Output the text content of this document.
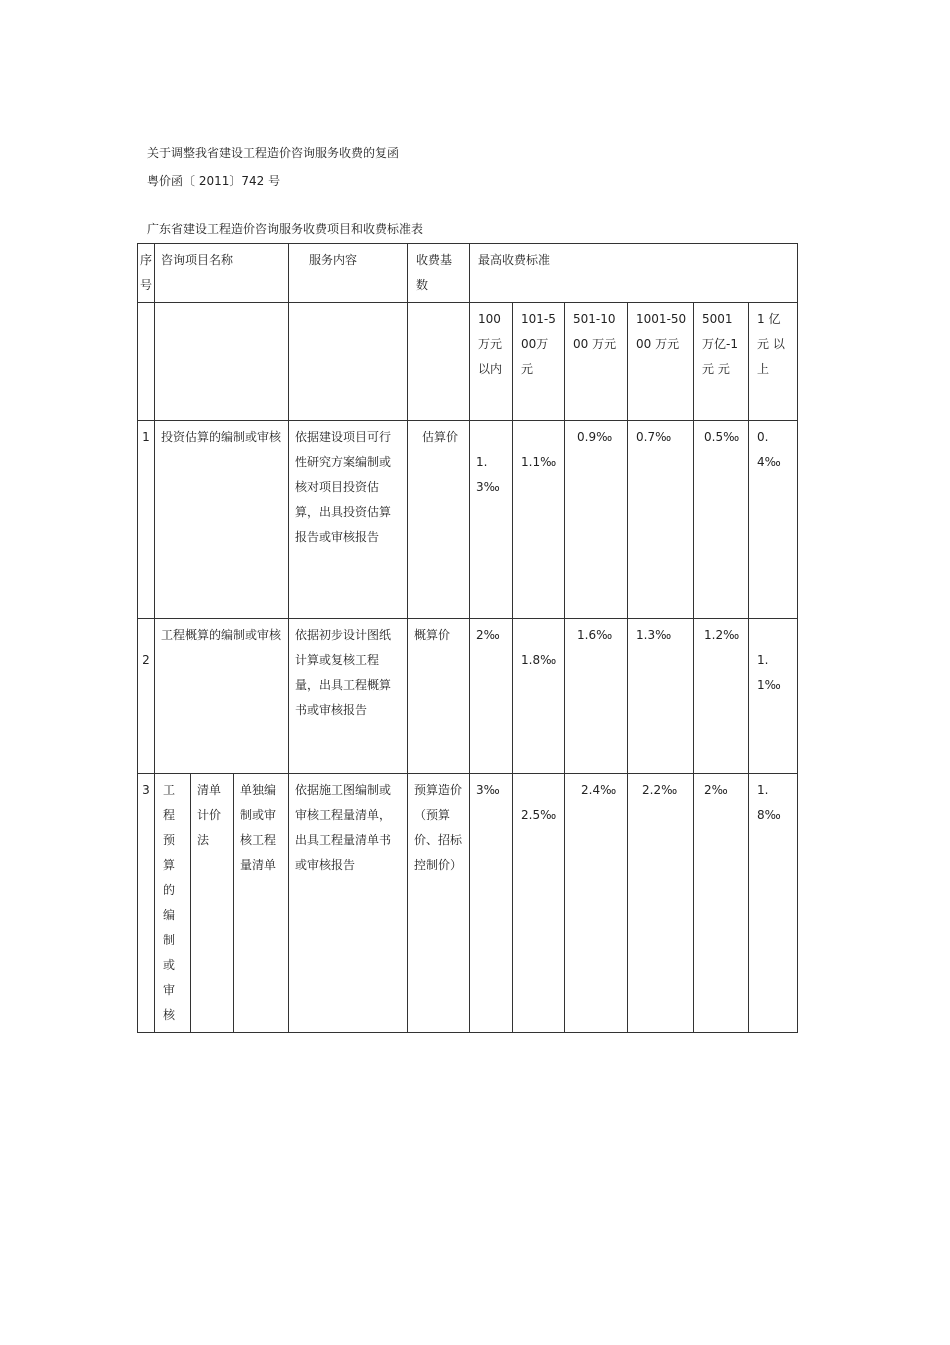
关于调整我省建设工程造价咨询服务收费的复函
粤价函〔 2011〕742 号
广东省建设工程造价咨询服务收费项目和收费标准表
序号	咨询项目名称			服务内容	收费基数	最高收费标准					
						100万元以内	101-500万元	501-1000 万元	1001-5000 万元	5001万亿-1元 元	1 亿元 以上
1	投资估算的编制或审核			依据建设项目可行性研究方案编制或核对项目投资估算，出具投资估算报告或审核报告	估算价	1.3‰	1.1‰	0.9‰	0.7‰	0.5‰	0.4‰
2	工程概算的编制或审核			依据初步设计图纸计算或复核工程量，出具工程概算书或审核报告	概算价	2‰	1.8‰	1.6‰	1.3‰	1.2‰	1.1‰
3	工程预算的编制或审核	清单计价法	单独编制或审核工程量清单	依据施工图编制或审核工程量清单，出具工程量清单书或审核报告	预算造价（预算价、招标控制价）	3‰	2.5‰	2.4‰	2.2‰	2‰	1.8‰
